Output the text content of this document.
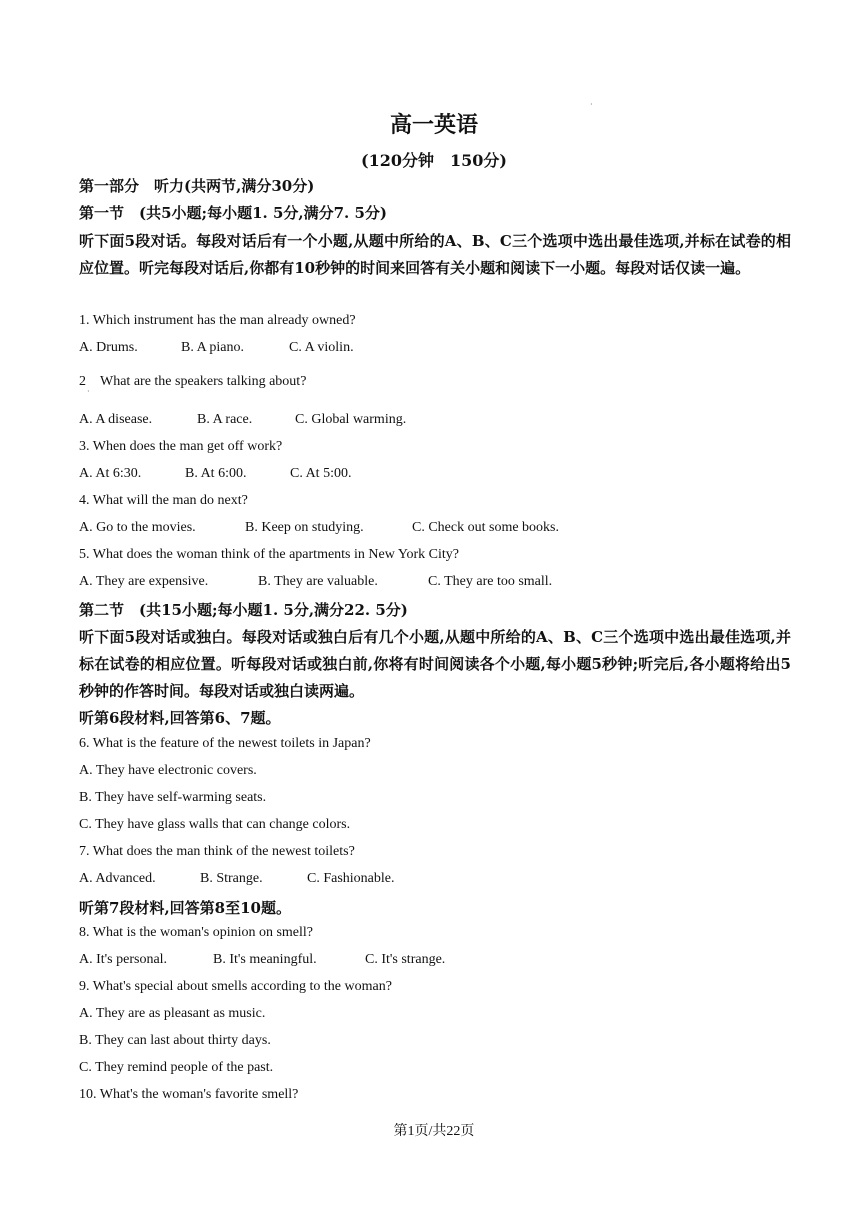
高一英语
(120分钟　150分)
第一部分　听力(共两节,满分30分)
第一节　(共5小题;每小题1. 5分,满分7. 5分)
听下面5段对话。每段对话后有一个小题,从题中所给的A、B、C三个选项中选出最佳选项,并标在试卷的相应位置。听完每段对话后,你都有10秒钟的时间来回答有关小题和阅读下一小题。每段对话仅读一遍。
1. Which instrument has the man already owned?
A. Drums.	B. A piano.	C. A violin.
2　What are the speakers talking about?
A. A disease.	B. A race.	C. Global warming.
3. When does the man get off work?
A. At 6:30.	B. At 6:00.	C. At 5:00.
4. What will the man do next?
A. Go to the movies.	B. Keep on studying.	C. Check out some books.
5. What does the woman think of the apartments in New York City?
A. They are expensive.	B. They are valuable.	C. They are too small.
第二节　(共15小题;每小题1. 5分,满分22. 5分)
听下面5段对话或独白。每段对话或独白后有几个小题,从题中所给的A、B、C三个选项中选出最佳选项,并标在试卷的相应位置。听每段对话或独白前,你将有时间阅读各个小题,每小题5秒钟;听完后,各小题将给出5秒钟的作答时间。每段对话或独白读两遍。
听第6段材料,回答第6、7题。
6. What is the feature of the newest toilets in Japan?
A. They have electronic covers.
B. They have self-warming seats.
C. They have glass walls that can change colors.
7. What does the man think of the newest toilets?
A. Advanced.	B. Strange.	C. Fashionable.
听第7段材料,回答第8至10题。
8. What is the woman's opinion on smell?
A. It's personal.	B. It's meaningful.	C. It's strange.
9. What's special about smells according to the woman?
A. They are as pleasant as music.
B. They can last about thirty days.
C. They remind people of the past.
10. What's the woman's favorite smell?
第1页/共22页
·
·
